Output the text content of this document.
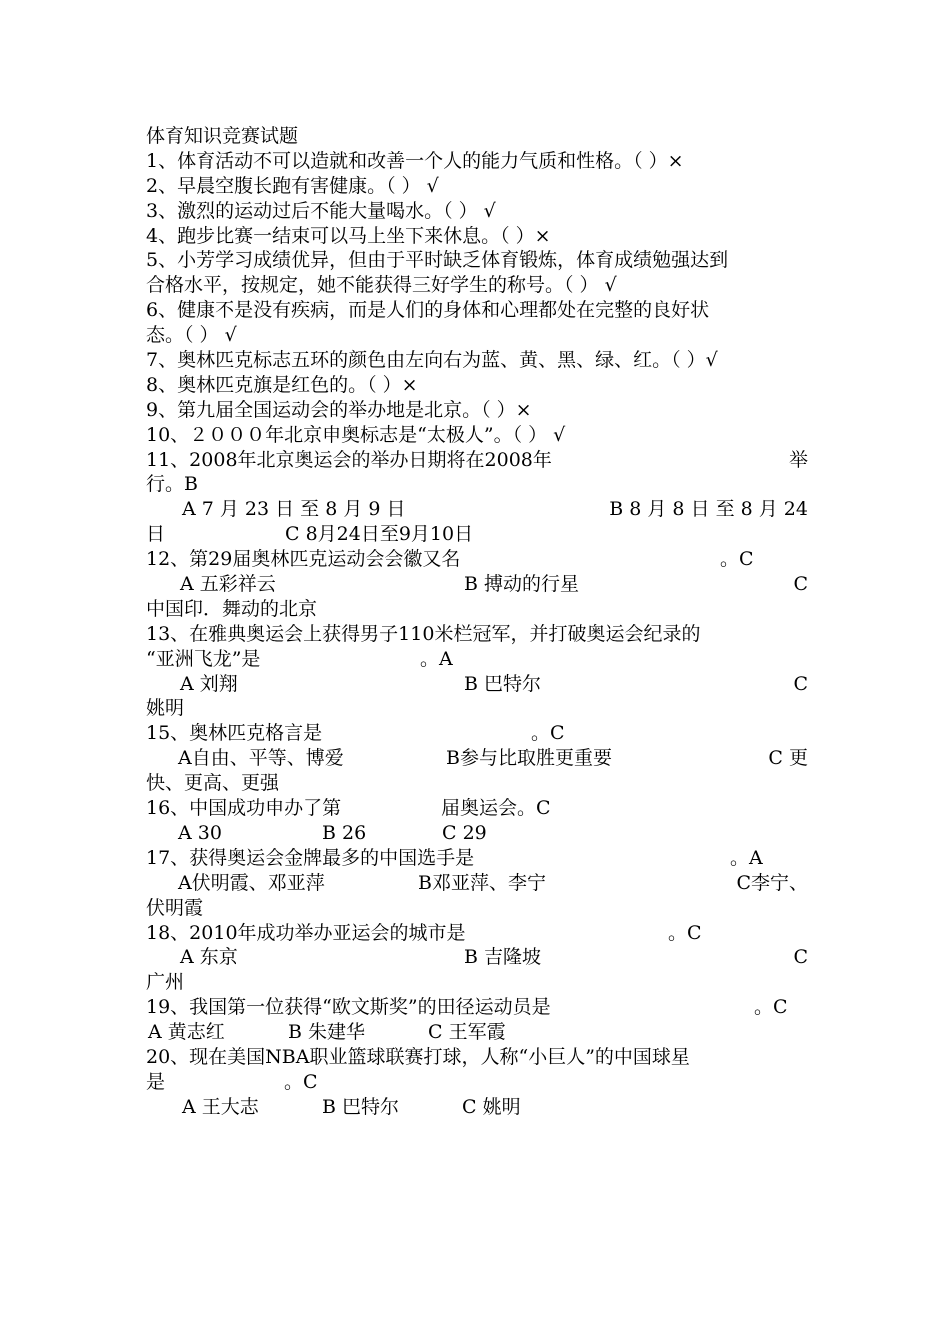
体育知识竞赛试题
1、体育活动不可以造就和改善一个人的能力气质和性格。（ ）×
2、早晨空腹长跑有害健康。（ ） √
3、激烈的运动过后不能大量喝水。（ ） √
4、跑步比赛一结束可以马上坐下来休息。（ ）×
5、小芳学习成绩优异，但由于平时缺乏体育锻炼，体育成绩勉强达到
合格水平，按规定，她不能获得三好学生的称号。（ ） √
6、健康不是没有疾病，而是人们的身体和心理都处在完整的良好状
态。（ ） √
7、奥林匹克标志五环的颜色由左向右为蓝、黄、黑、绿、红。（ ）√
8、奥林匹克旗是红色的。（ ）×
9、第九届全国运动会的举办地是北京。（ ）×
10、２０００年北京申奥标志是“太极人”。（ ） √
11、2008年北京奥运会的举办日期将在2008年	举
行。B
A 7 月 23 日 至 8 月 9 日	B 8 月 8 日 至 8 月 24
日	C 8月24日至9月10日
12、第29届奥林匹克运动会会徽又名	。C
A 五彩祥云	B 搏动的行星	C
中国印．舞动的北京
13、在雅典奥运会上获得男子110米栏冠军，并打破奥运会纪录的
“亚洲飞龙”是	。A
A 刘翔	B 巴特尔	C
姚明
15、奥林匹克格言是	。C
A自由、平等、博爱	B参与比取胜更重要	C 更
快、更高、更强
16、中国成功申办了第	届奥运会。C
A 30	B 26	C 29
17、获得奥运会金牌最多的中国选手是	。A
A伏明霞、邓亚萍	B邓亚萍、李宁	C李宁、
伏明霞
18、2010年成功举办亚运会的城市是	。C
A 东京	B 吉隆坡	C
广州
19、我国第一位获得“欧文斯奖”的田径运动员是	。C
A 黄志红	B 朱建华	C 王军霞
20、现在美国NBA职业篮球联赛打球，人称“小巨人”的中国球星
是	。C
A 王大志	B 巴特尔	C 姚明
